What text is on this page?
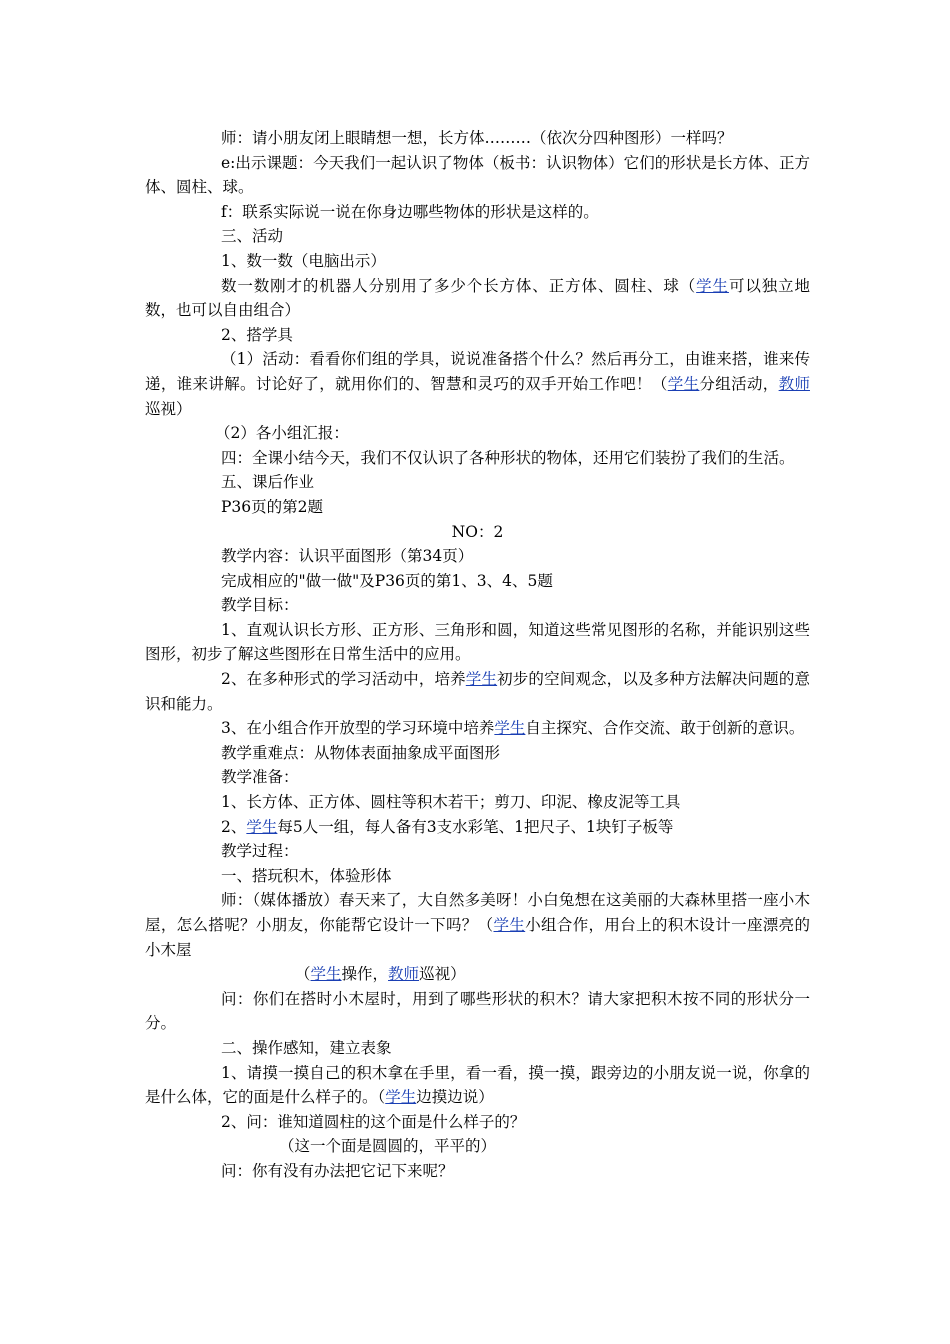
师：请小朋友闭上眼睛想一想，长方体………（依次分四种图形）一样吗？

e:出示课题：今天我们一起认识了物体（板书：认识物体）它们的形状是长方体、正方体、圆柱、球。

f：联系实际说一说在你身边哪些物体的形状是这样的。

三、活动

1、数一数（电脑出示）

数一数刚才的机器人分别用了多少个长方体、正方体、圆柱、球（学生可以独立地数，也可以自由组合）

2、搭学具

（1）活动：看看你们组的学具，说说准备搭个什么？然后再分工，由谁来搭，谁来传递，谁来讲解。讨论好了，就用你们的、智慧和灵巧的双手开始工作吧！（学生分组活动，教师巡视）

（2）各小组汇报：

四：全课小结今天，我们不仅认识了各种形状的物体，还用它们装扮了我们的生活。

五、课后作业

P36页的第2题

NO：2

教学内容：认识平面图形（第34页）

完成相应的"做一做"及P36页的第1、3、4、5题

教学目标：

1、直观认识长方形、正方形、三角形和圆，知道这些常见图形的名称，并能识别这些图形，初步了解这些图形在日常生活中的应用。

2、在多种形式的学习活动中，培养学生初步的空间观念，以及多种方法解决问题的意识和能力。

3、在小组合作开放型的学习环境中培养学生自主探究、合作交流、敢于创新的意识。

教学重难点：从物体表面抽象成平面图形

教学准备：

1、长方体、正方体、圆柱等积木若干；剪刀、印泥、橡皮泥等工具

2、学生每5人一组，每人备有3支水彩笔、1把尺子、1块钉子板等

教学过程：

一、搭玩积木，体验形体

师：（媒体播放）春天来了，大自然多美呀！小白兔想在这美丽的大森林里搭一座小木屋，怎么搭呢？小朋友，你能帮它设计一下吗？（学生小组合作，用台上的积木设计一座漂亮的小木屋

（学生操作，教师巡视）

问：你们在搭时小木屋时，用到了哪些形状的积木？请大家把积木按不同的形状分一分。

二、操作感知，建立表象

1、请摸一摸自己的积木拿在手里，看一看，摸一摸，跟旁边的小朋友说一说，你拿的是什么体，它的面是什么样子的。（学生边摸边说）

2、问：谁知道圆柱的这个面是什么样子的？

（这一个面是圆圆的，平平的）

问：你有没有办法把它记下来呢？
